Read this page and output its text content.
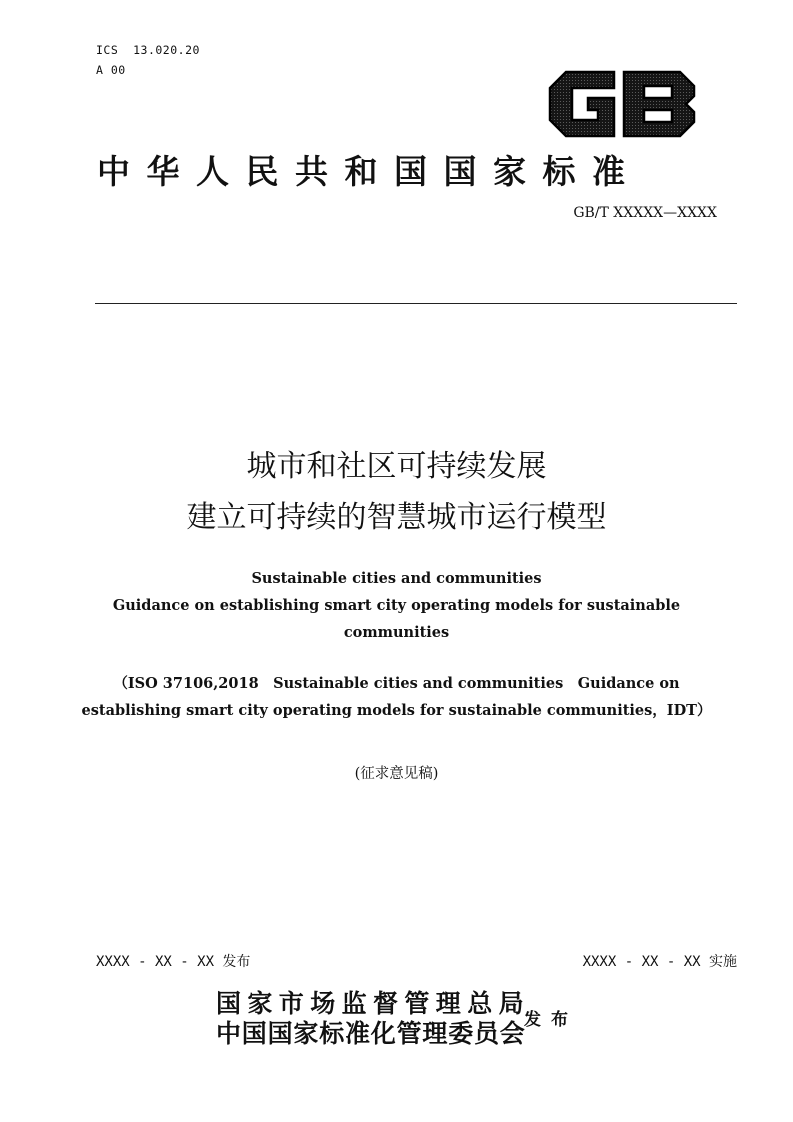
ICS  13.020.20
A 00
中华人民共和国国家标准
GB/T XXXXX—XXXX
城市和社区可持续发展
建立可持续的智慧城市运行模型
Sustainable cities and communities
Guidance on establishing smart city operating models for sustainable
communities
（ISO 37106,2018　Sustainable cities and communities　Guidance on
establishing smart city operating models for sustainable communities，IDT）
(征求意见稿)
XXXX - XX - XX 发布	XXXX - XX - XX 实施
国家市场监督管理总局
中国国家标准化管理委员会
发布
